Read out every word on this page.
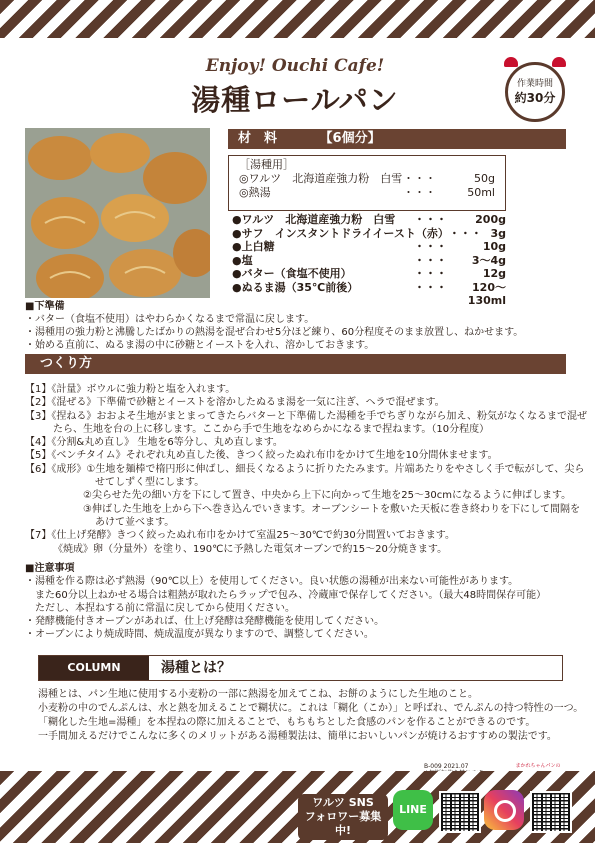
Enjoy! Ouchi Cafe!
湯種ロールパン	作業時間
約30分
材　料	【6個分】
［湯種用］
◎ワルツ　北海道産強力粉　白雪 ・・・	50g
◎熱湯	・・・	50ml
●ワルツ　北海道産強力粉　白雪	・・・	200g
●サフ　インスタントドライイースト（赤） ・・・ 3g
●上白糖	・・・	10g
●塩	・・・	3〜4g
●バター（食塩不使用）	・・・	12g
●ぬるま湯（35℃前後）	・・・	120〜130ml
■下準備
・バター（食塩不使用）はやわらかくなるまで常温に戻します。
・湯種用の強力粉と沸騰したばかりの熱湯を混ぜ合わせ5分ほど練り、60分程度そのまま放置し、ねかせます。
・始める直前に、ぬるま湯の中に砂糖とイーストを入れ、溶かしておきます。
つくり方

【1】《計量》ボウルに強力粉と塩を入れます。

【2】《混ぜる》下準備で砂糖とイーストを溶かしたぬるま湯を一気に注ぎ、ヘラで混ぜます。

【3】《捏ねる》おおよそ生地がまとまってきたらバターと下準備した湯種を手でちぎりながら加え、粉気がなくなるまで混ぜ

たら、生地を台の上に移します。ここから手で生地をなめらかになるまで捏ねます。（10分程度）

【4】《分割&丸め直し》 生地を6等分し、丸め直します。

【5】《ベンチタイム》それぞれ丸め直した後、きつく絞ったぬれ布巾をかけて生地を10分間休ませます。

【6】《成形》①生地を麺棒で楕円形に伸ばし、細長くなるように折りたたみます。片端あたりをやさしく手で転がして、尖ら

せてしずく型にします。

②尖らせた先の細い方を下にして置き、中央から上下に向かって生地を25〜30cmになるように伸ばします。

③伸ばした生地を上から下へ巻き込んでいきます。オーブンシートを敷いた天板に巻き終わりを下にして間隔を

あけて並べます。

【7】《仕上げ発酵》きつく絞ったぬれ布巾をかけて室温25〜30℃で約30分間置いておきます。

《焼成》卵（分量外）を塗り、190℃に予熱した電気オーブンで約15〜20分焼きます。

■注意事項

・湯種を作る際は必ず熱湯（90℃以上）を使用してください。良い状態の湯種が出来ない可能性があります。

また60分以上ねかせる場合は粗熱が取れたらラップで包み、冷蔵庫で保存してください。（最大48時間保存可能）

ただし、本捏ねする前に常温に戻してから使用ください。

・発酵機能付きオーブンがあれば、仕上げ発酵は発酵機能を使用してください。

・オーブンにより焼成時間、焼成温度が異なりますので、調整してください。

COLUMN	湯種とは？

湯種とは、パン生地に使用する小麦粉の一部に熱湯を加えてこね、お餅のようにした生地のこと。

小麦粉の中のでんぷんは、水と熱を加えることで糊状に。これは「糊化（こか）」と呼ばれ、でんぷんの持つ特性の一つ。

「糊化した生地=湯種」を本捏ねの際に加えることで、もちもちとした食感のパンを作ることができるのです。

一手間加えるだけでこんなに多くのメリットがある湯種製法は、簡単においしいパンが焼けるおすすめの製法です。

B-009 2021.07	まかれちゃんパンの
ワルツ SNS
フォロワー募集中!
LINE
